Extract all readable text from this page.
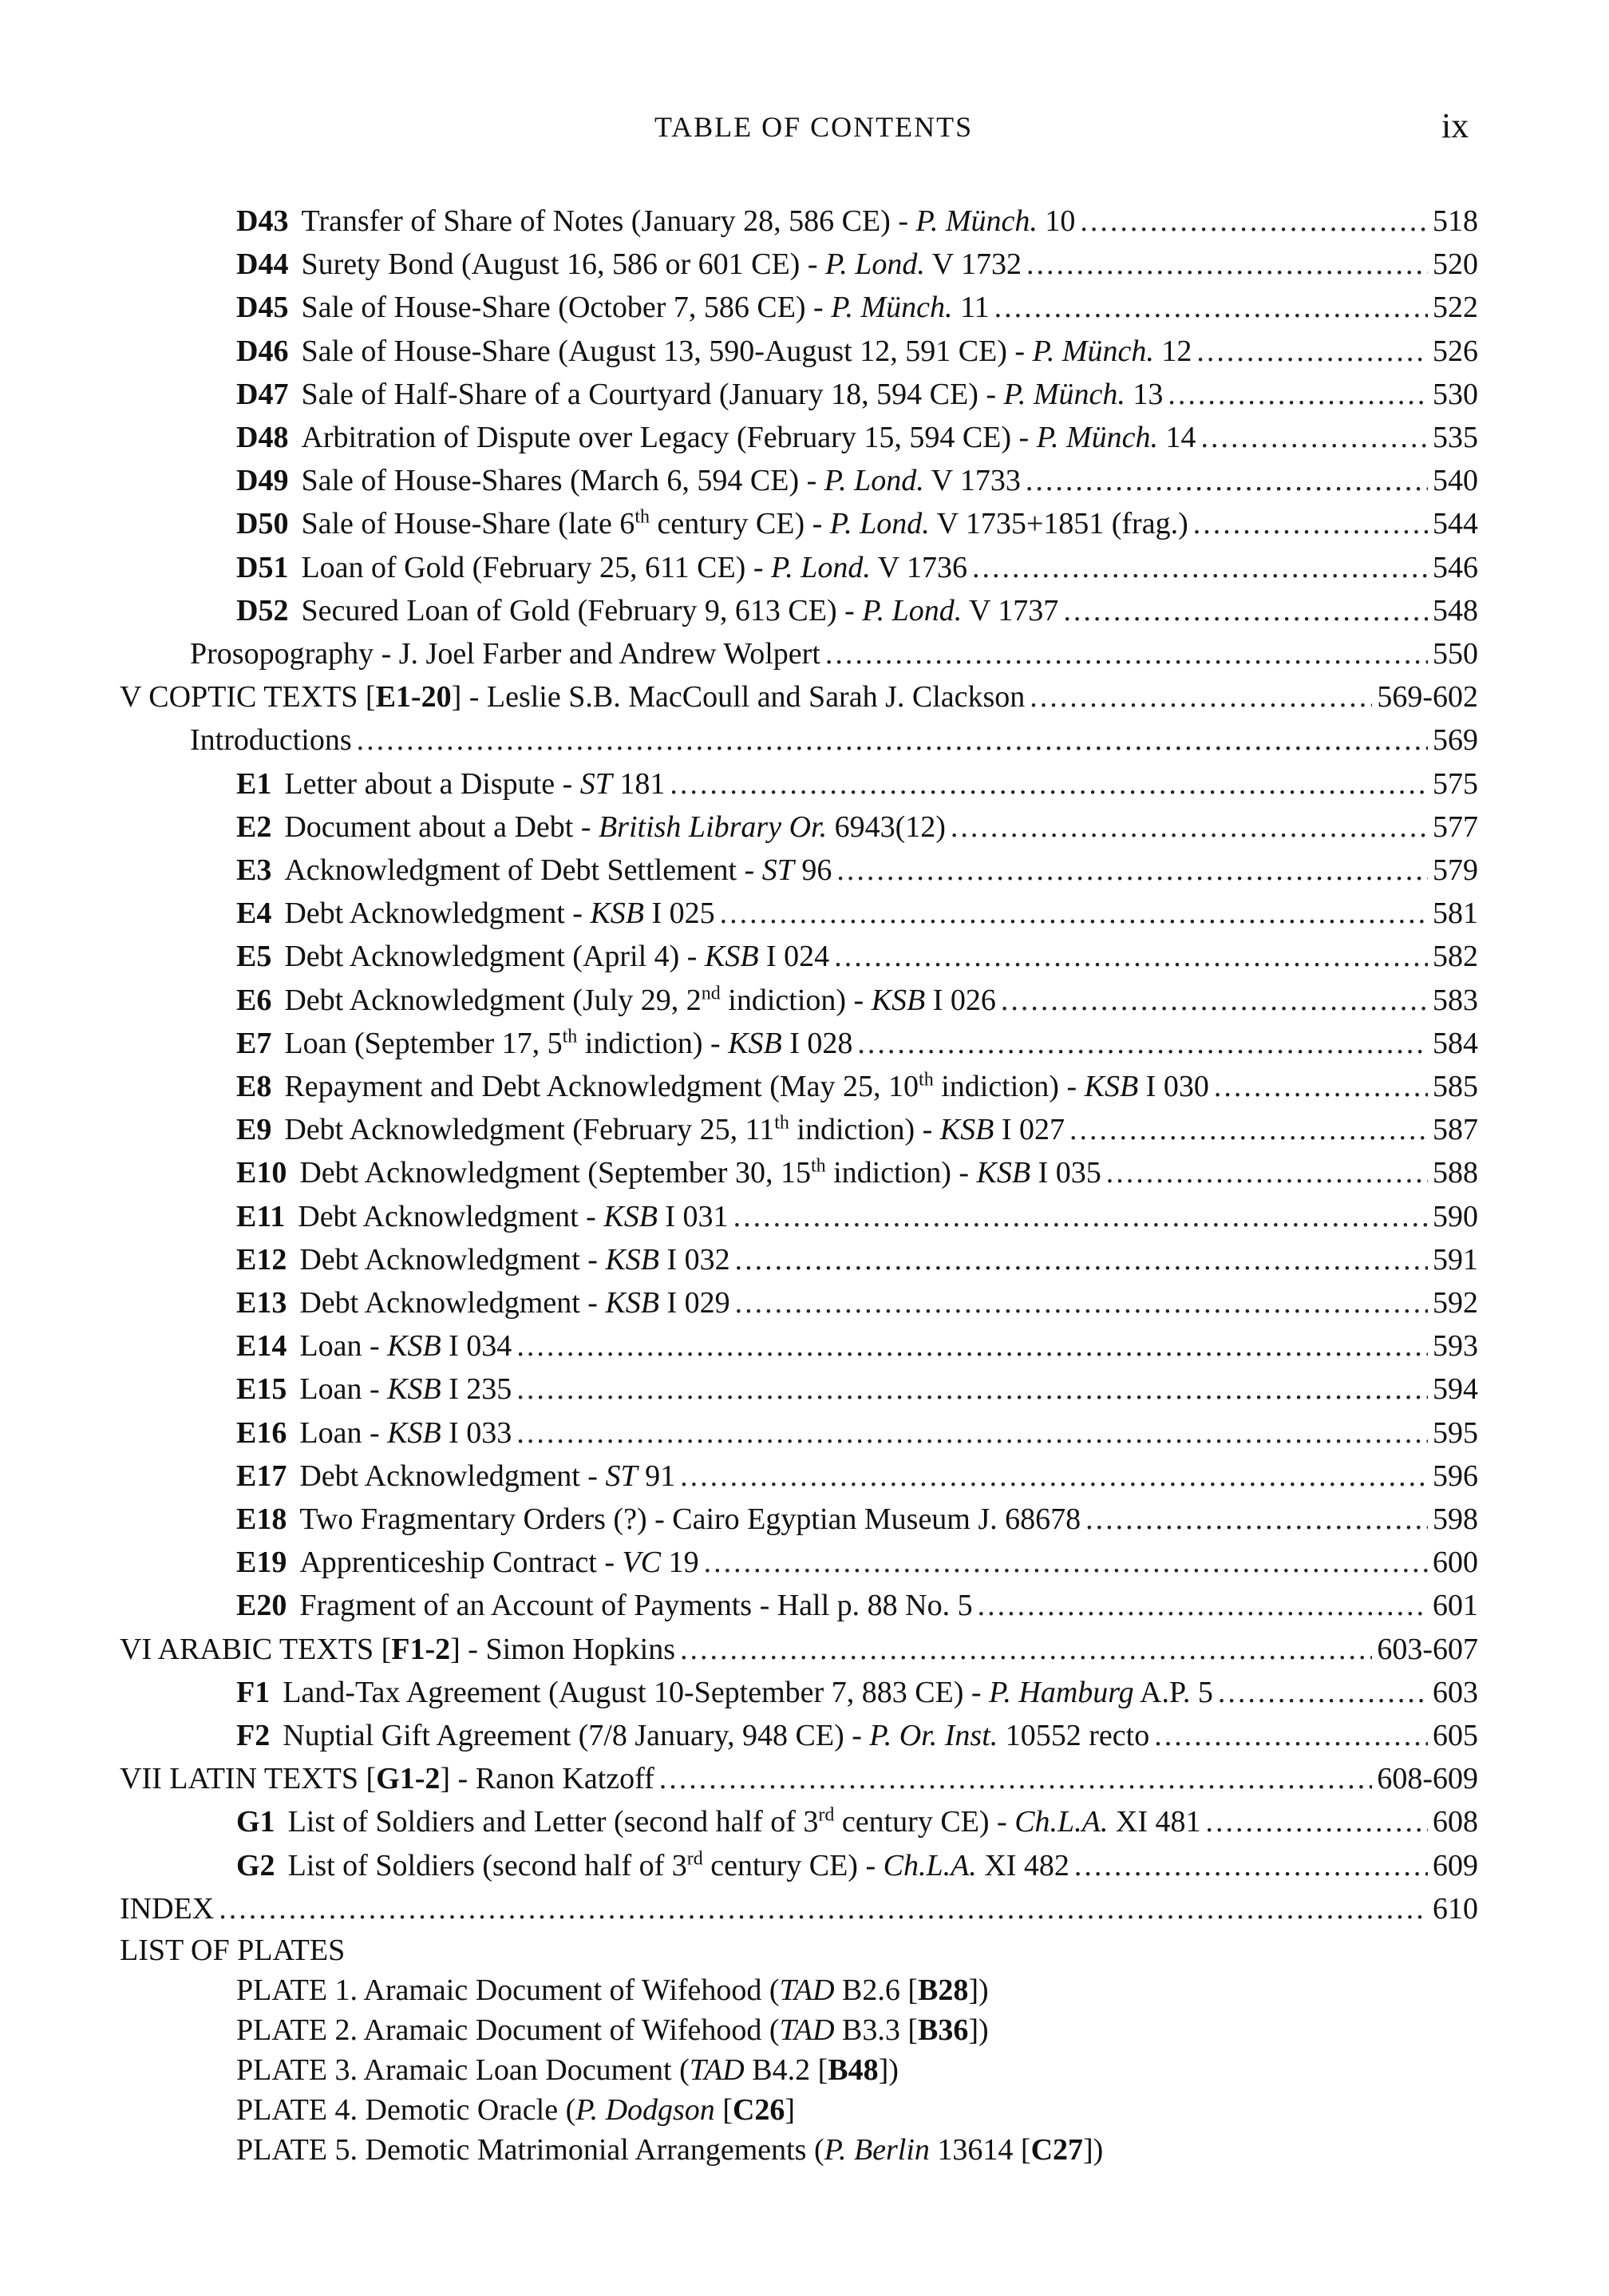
TABLE OF CONTENTS	ix
D43 Transfer of Share of Notes (January 28, 586 CE) - P. Münch. 10 .....	518
D44 Surety Bond (August 16, 586 or 601 CE) - P. Lond. V 1732 .....	520
D45 Sale of House-Share (October 7, 586 CE) - P. Münch. 11 .....	522
D46 Sale of House-Share (August 13, 590-August 12, 591 CE) - P. Münch. 12 .....	526
D47 Sale of Half-Share of a Courtyard (January 18, 594 CE) - P. Münch. 13 .....	530
D48 Arbitration of Dispute over Legacy (February 15, 594 CE) - P. Münch. 14 .....	535
D49 Sale of House-Shares (March 6, 594 CE) - P. Lond. V 1733 .....	540
D50 Sale of House-Share (late 6th century CE) - P. Lond. V 1735+1851 (frag.) .....	544
D51 Loan of Gold (February 25, 611 CE) - P. Lond. V 1736 .....	546
D52 Secured Loan of Gold (February 9, 613 CE) - P. Lond. V 1737 .....	548
Prosopography - J. Joel Farber and Andrew Wolpert .....	550
V COPTIC TEXTS [E1-20] - Leslie S.B. MacCoull and Sarah J. Clackson .....	569-602
Introductions .....	569
E1 Letter about a Dispute - ST 181 .....	575
E2 Document about a Debt - British Library Or. 6943(12) .....	577
E3 Acknowledgment of Debt Settlement - ST 96 .....	579
E4 Debt Acknowledgment - KSB I 025 .....	581
E5 Debt Acknowledgment (April 4) - KSB I 024 .....	582
E6 Debt Acknowledgment (July 29, 2nd indiction) - KSB I 026 .....	583
E7 Loan (September 17, 5th indiction) - KSB I 028 .....	584
E8 Repayment and Debt Acknowledgment (May 25, 10th indiction) - KSB I 030 .....	585
E9 Debt Acknowledgment (February 25, 11th indiction) - KSB I 027 .....	587
E10 Debt Acknowledgment (September 30, 15th indiction) - KSB I 035 .....	588
E11 Debt Acknowledgment - KSB I 031 .....	590
E12 Debt Acknowledgment - KSB I 032 .....	591
E13 Debt Acknowledgment - KSB I 029 .....	592
E14 Loan - KSB I 034 .....	593
E15 Loan - KSB I 235 .....	594
E16 Loan - KSB I 033 .....	595
E17 Debt Acknowledgment - ST 91 .....	596
E18 Two Fragmentary Orders (?) - Cairo Egyptian Museum J. 68678 .....	598
E19 Apprenticeship Contract - VC 19 .....	600
E20 Fragment of an Account of Payments - Hall p. 88 No. 5 .....	601
VI ARABIC TEXTS [F1-2] - Simon Hopkins .....	603-607
F1 Land-Tax Agreement (August 10-September 7, 883 CE) - P. Hamburg A.P. 5 .....	603
F2 Nuptial Gift Agreement (7/8 January, 948 CE) - P. Or. Inst. 10552 recto .....	605
VII LATIN TEXTS [G1-2] - Ranon Katzoff .....	608-609
G1 List of Soldiers and Letter (second half of 3rd century CE) - Ch.L.A. XI 481 .....	608
G2 List of Soldiers (second half of 3rd century CE) - Ch.L.A. XI 482 .....	609
INDEX .....	610
LIST OF PLATES
PLATE 1. Aramaic Document of Wifehood (TAD B2.6 [B28])
PLATE 2. Aramaic Document of Wifehood (TAD B3.3 [B36])
PLATE 3. Aramaic Loan Document (TAD B4.2 [B48])
PLATE 4. Demotic Oracle (P. Dodgson [C26]
PLATE 5. Demotic Matrimonial Arrangements (P. Berlin 13614 [C27])
